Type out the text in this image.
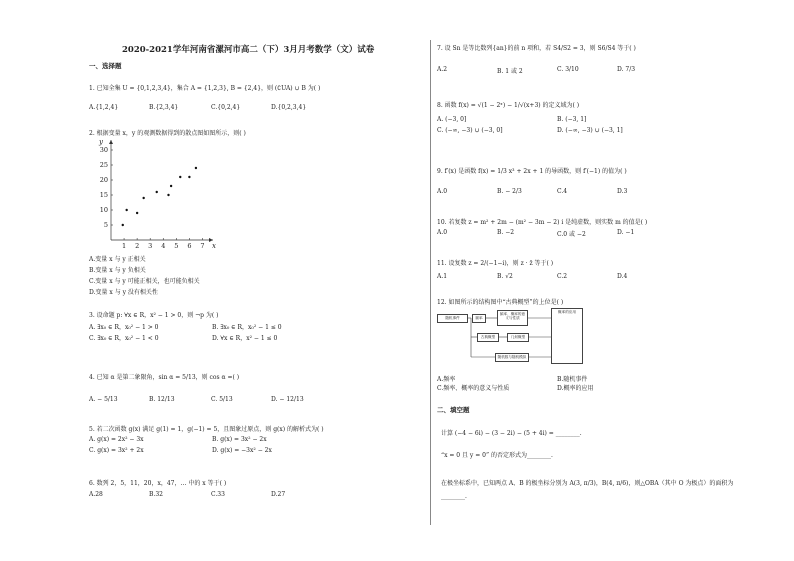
2020-2021学年河南省漯河市高二（下）3月月考数学（文）试卷
一、选择题
1. 已知全集 U = {0,1,2,3,4}，集合 A = {1,2,3}, B = {2,4}，则 (∁UA) ∪ B 为( )
A.{1,2,4}	B.{2,3,4}	C.{0,2,4}	D.{0,2,3,4}
2. 根据变量 x，y 的观测数据得到的散点图如图所示，则( )
1 2 3 4 5 6 7
5
10
15
20
25
30
x
y
A.变量 x 与 y 正相关
B.变量 x 与 y 负相关
C.变量 x 与 y 可能正相关，也可能负相关
D.变量 x 与 y 没有相关性
3. 设命题 p: ∀x ∈ R，x² − 1 > 0，则 ¬p 为( )
A. ∃x₀ ∈ R，x₀² − 1 > 0	B. ∃x₀ ∈ R，x₀² − 1 ≤ 0
C. ∃x₀ ∈ R，x₀² − 1 < 0	D. ∀x ∈ R，x² − 1 ≤ 0
4. 已知 α 是第二象限角，sin α = 5/13，则 cos α =( )
A. − 5/13	B. 12/13	C. 5/13	D. − 12/13
5. 若二次函数 g(x) 满足 g(1) = 1，g(−1) = 5，且图象过原点，则 g(x) 的解析式为( )
A. g(x) = 2x² − 3x	B. g(x) = 3x² − 2x
C. g(x) = 3x² + 2x	D. g(x) = −3x² − 2x
6. 数列 2，5，11，20，x，47，… 中的 x 等于( )
A.28	B.32	C.33	D.27
7. 设 Sn 是等比数列{an}的前 n 项和，若 S4/S2 = 3，则 S6/S4 等于( )
A.2	B. 1 或 2	C. 3/10	D. 7/3
8. 函数 f(x) = √(1 − 2ˣ) − 1/√(x+3) 的定义域为( )
A. (−3, 0]	B. (−3, 1]
C. (−∞, −3) ∪ (−3, 0]	D. (−∞, −3) ∪ (−3, 1]
9. f′(x) 是函数 f(x) = 1/3 x³ + 2x + 1 的导函数，则 f′(−1) 的值为( )
A.0	B. − 2/3	C.4	D.3
10. 若复数 z = m² + 2m − (m² − 3m − 2) i 是纯虚数，则实数 m 的值是( )
A.0	B. −2	C.0 或 −2	D. −1
11. 设复数 z = 2/(−1−i)，则 z · z̄ 等于( )
A.1	B. √2	C.2	D.4
12. 如图所示的结构图中“古典概型”的上位是( )
随机事件	频率
频率、概率的意义与性质
概率的应用
古典概型	几何概型
随机数与随机模拟
A.频率	B.随机事件
C.频率、概率的意义与性质	D.概率的应用
二、填空题
计算 (−4 − 6i) − (3 − 2i) − (5 + 4i) = ________.
“x = 0 且 y = 0” 的否定形式为________.
在极坐标系中，已知两点 A、B 的极坐标分别为 A(3, π/3)，B(4, π/6)，则△OBA（其中 O 为极点）的面积为
________.
